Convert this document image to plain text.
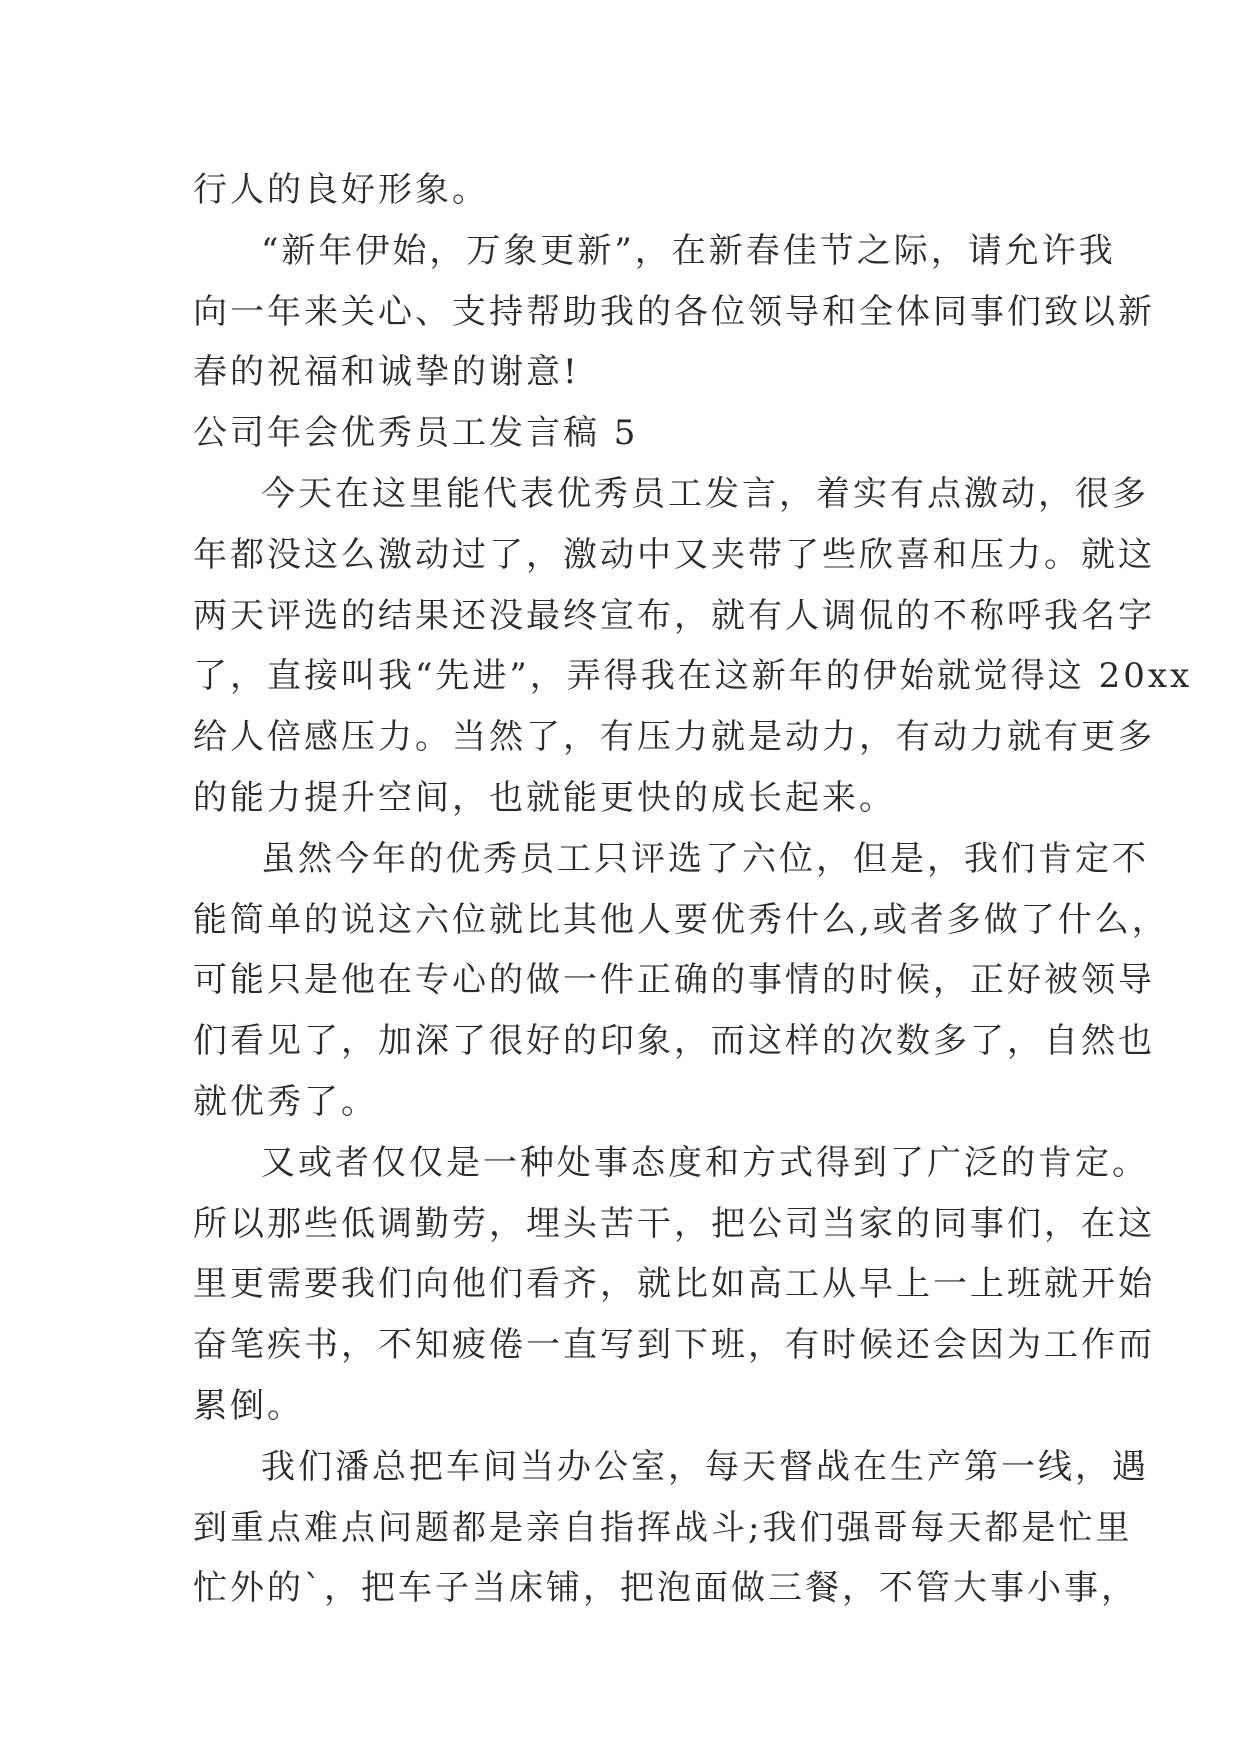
行人的良好形象。
“新年伊始，万象更新”，在新春佳节之际，请允许我
向一年来关心、支持帮助我的各位领导和全体同事们致以新
春的祝福和诚挚的谢意!
公司年会优秀员工发言稿 5
今天在这里能代表优秀员工发言，着实有点激动，很多
年都没这么激动过了，激动中又夹带了些欣喜和压力。就这
两天评选的结果还没最终宣布，就有人调侃的不称呼我名字
了，直接叫我“先进”，弄得我在这新年的伊始就觉得这 20xx
给人倍感压力。当然了，有压力就是动力，有动力就有更多
的能力提升空间，也就能更快的成长起来。
虽然今年的优秀员工只评选了六位，但是，我们肯定不
能简单的说这六位就比其他人要优秀什么,或者多做了什么，
可能只是他在专心的做一件正确的事情的时候，正好被领导
们看见了，加深了很好的印象，而这样的次数多了，自然也
就优秀了。
又或者仅仅是一种处事态度和方式得到了广泛的肯定。
所以那些低调勤劳，埋头苦干，把公司当家的同事们，在这
里更需要我们向他们看齐，就比如高工从早上一上班就开始
奋笔疾书，不知疲倦一直写到下班，有时候还会因为工作而
累倒。
我们潘总把车间当办公室，每天督战在生产第一线，遇
到重点难点问题都是亲自指挥战斗;我们强哥每天都是忙里
忙外的`，把车子当床铺，把泡面做三餐，不管大事小事，
